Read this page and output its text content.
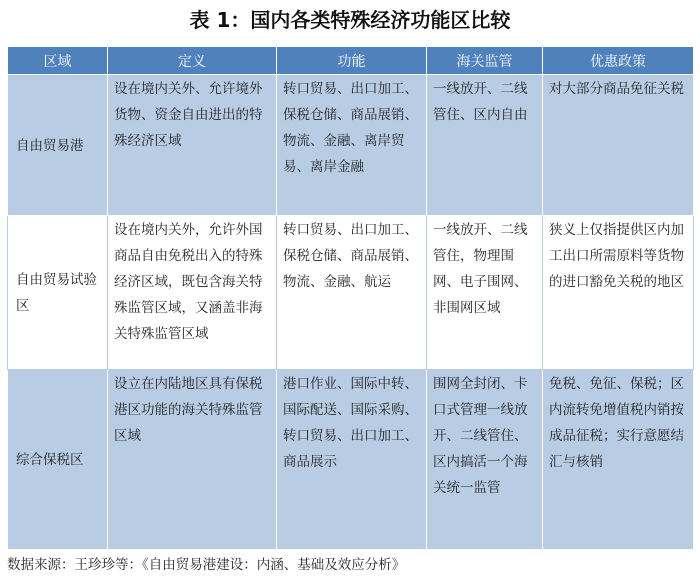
表 1：国内各类特殊经济功能区比较
区域	定义	功能	海关监管	优惠政策
自由贸易港	设在境内关外、允许境外货物、资金自由进出的特殊经济区域	转口贸易、出口加工、保税仓储、商品展销、物流、金融、离岸贸易、离岸金融	一线放开、二线管住、区内自由	对大部分商品免征关税
自由贸易试验区	设在境内关外，允许外国商品自由免税出入的特殊经济区域，既包含海关特殊监管区域，又涵盖非海关特殊监管区域	转口贸易、出口加工、保税仓储、商品展销、物流、金融、航运	一线放开、二线管住，物理围网、电子围网、非围网区域	狭义上仅指提供区内加工出口所需原料等货物的进口豁免关税的地区
综合保税区	设立在内陆地区具有保税港区功能的海关特殊监管区域	港口作业、国际中转、国际配送、国际采购、转口贸易、出口加工、商品展示	围网全封闭、卡口式管理一线放开、二线管住、区内搞活一个海关统一监管	免税、免征、保税；区内流转免增值税内销按成品征税；实行意愿结汇与核销
数据来源：王珍珍等：《自由贸易港建设：内涵、基础及效应分析》
